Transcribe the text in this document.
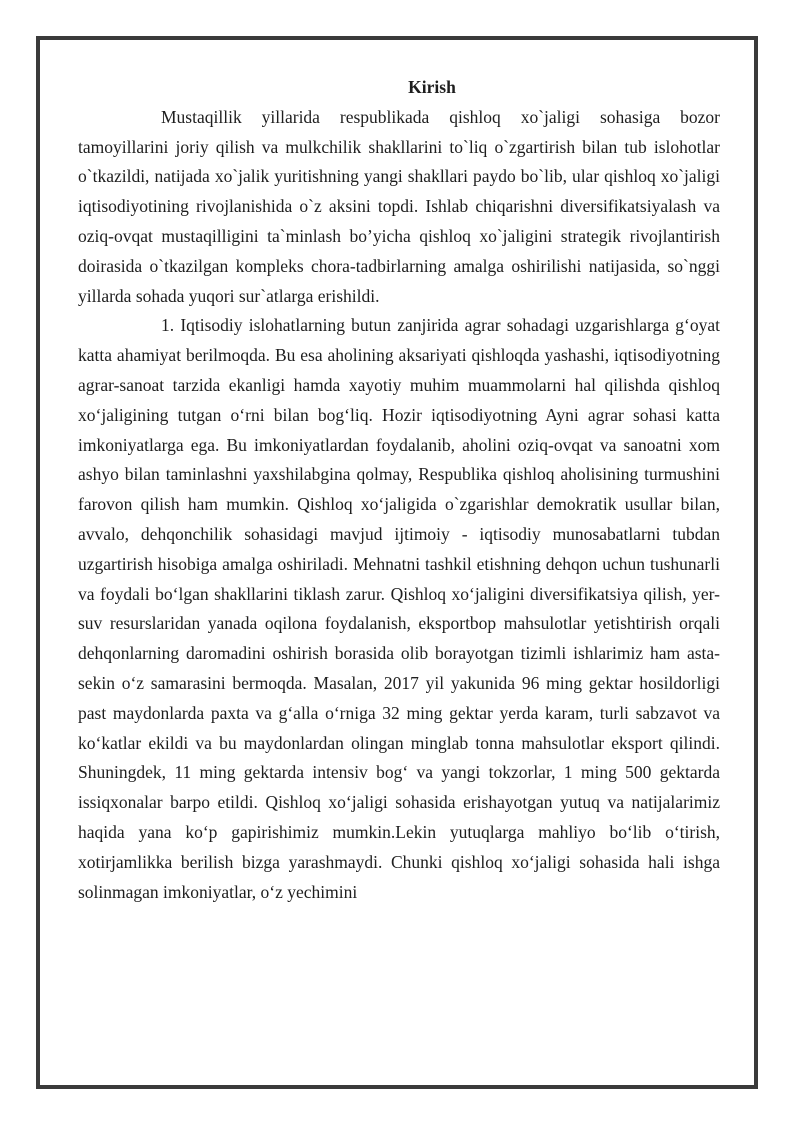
Kirish

Mustaqillik yillarida respublikada qishloq xo`jaligi sohasiga bozor tamoyillarini joriy qilish va mulkchilik shakllarini to`liq o`zgartirish bilan tub islohotlar o`tkazildi, natijada xo`jalik yuritishning yangi shakllari paydo bo`lib, ular qishloq xo`jaligi iqtisodiyotining rivojlanishida o`z aksini topdi. Ishlab chiqarishni diversifikatsiyalash va oziq-ovqat mustaqilligini ta`minlash bo’yicha qishloq xo`jaligini strategik rivojlantirish doirasida o`tkazilgan kompleks chora-tadbirlarning amalga oshirilishi natijasida, so`nggi yillarda sohada yuqori sur`atlarga erishildi.

1. Iqtisodiy islohatlarning butun zanjirida agrar sohadagi uzgarishlarga g‘oyat katta ahamiyat berilmoqda. Bu esa aholining aksariyati qishloqda yashashi, iqtisodiyotning agrar-sanoat tarzida ekanligi hamda xayotiy muhim muammolarni hal qilishda qishloq xo‘jaligining tutgan o‘rni bilan bog‘liq. Hozir iqtisodiyotning Ayni agrar sohasi katta imkoniyatlarga ega. Bu imkoniyatlardan foydalanib, aholini oziq-ovqat va sanoatni xom ashyo bilan taminlashni yaxshilabgina qolmay, Respublika qishloq aholisining turmushini farovon qilish ham mumkin. Qishloq xo‘jaligida o`zgarishlar demokratik usullar bilan, avvalo, dehqonchilik sohasidagi mavjud ijtimoiy - iqtisodiy munosabatlarni tubdan uzgartirish hisobiga amalga oshiriladi. Mehnatni tashkil etishning dehqon uchun tushunarli va foydali bo‘lgan shakllarini tiklash zarur. Qishloq xo‘jaligini diversifikatsiya qilish, yer-suv resurslaridan yanada oqilona foydalanish, eksportbop mahsulotlar yetishtirish orqali dehqonlarning daromadini oshirish borasida olib borayotgan tizimli ishlarimiz ham asta-sekin o‘z samarasini bermoqda. Masalan, 2017 yil yakunida 96 ming gektar hosildorligi past maydonlarda paxta va g‘alla o‘rniga 32 ming gektar yerda karam, turli sabzavot va ko‘katlar ekildi va bu maydonlardan olingan minglab tonna mahsulotlar eksport qilindi. Shuningdek, 11 ming gektarda intensiv bog‘ va yangi tokzorlar, 1 ming 500 gektarda issiqxonalar barpo etildi. Qishloq xo‘jaligi sohasida erishayotgan yutuq va natijalarimiz haqida yana ko‘p gapirishimiz mumkin.Lekin yutuqlarga mahliyo bo‘lib o‘tirish, xotirjamlikka berilish bizga yarashmaydi. Chunki qishloq xo‘jaligi sohasida hali ishga solinmagan imkoniyatlar, o‘z yechimini
